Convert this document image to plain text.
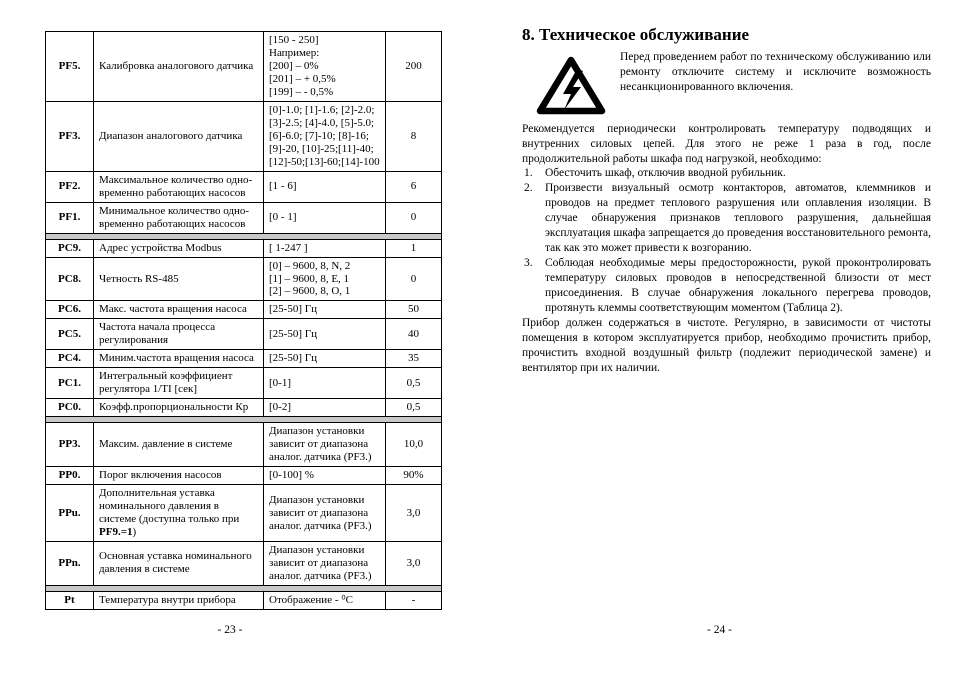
PF5.	Калибровка аналогового датчика	[150 - 250]
Например:
[200] – 0%
[201] – + 0,5%
[199] – - 0,5%	200
PF3.	Диапазон аналогового датчика	[0]-1.0; [1]-1.6; [2]-2.0;
[3]-2.5; [4]-4.0, [5]-5.0;
[6]-6.0; [7]-10; [8]-16;
[9]-20, [10]-25;[11]-40;
[12]-50;[13]-60;[14]-100	8
PF2.	Максимальное количество одно-
временно работающих насосов	[1 - 6]	6
PF1.	Минимальное количество одно-
временно работающих насосов	[0 - 1]	0

PC9.	Адрес устройства Modbus	[ 1-247 ]	1
PC8.	Четность RS-485	[0] – 9600, 8, N, 2
[1] – 9600, 8, E, 1
[2] – 9600, 8, O, 1	0
PC6.	Макс. частота вращения насоса	[25-50] Гц	50
PC5.	Частота начала процесса
регулирования	[25-50] Гц	40
PC4.	Миним.частота вращения насоса	[25-50] Гц	35
PC1.	Интегральный коэффициент
регулятора 1/TI [сек]	[0-1]	0,5
PC0.	Коэфф.пропорциональности Кр	[0-2]	0,5

PP3.	Максим. давление в системе	Диапазон установки
зависит от диапазона
аналог. датчика (PF3.)	10,0
PP0.	Порог включения насосов	[0-100] %	90%
PPu.	Дополнительная уставка
номинального давления в
системе (доступна только при
PF9.=1)	Диапазон установки
зависит от диапазона
аналог. датчика (PF3.)	3,0
PPn.	Основная уставка номинального
давления в системе	Диапазон установки
зависит от диапазона
аналог. датчика (PF3.)	3,0

Pt	Температура внутри прибора	Отображение - ⁰С	-
8. Техническое обслуживание
Перед проведением работ по техническому обслуживанию или ремонту отключите систему и исключите возможность несанкционированного включения.

Рекомендуется периодически контролировать температуру подводящих и внутренних силовых цепей. Для этого не реже 1 раза в год, после продолжительной работы шкафа под нагрузкой, необходимо:

1.	Обесточить шкаф, отключив вводной рубильник.
2.	Произвести визуальный осмотр контакторов, автоматов, клеммников и проводов на предмет теплового разрушения или оплавления изоляции. В случае обнаружения признаков теплового разрушения, дальнейшая эксплуатация шкафа запрещается до проведения восстановительного ремонта, так как это может привести к возгоранию.
3.	Соблюдая необходимые меры предосторожности, рукой проконтролировать температуру силовых проводов в непосредственной близости от мест присоединения. В случае обнаружения локального перегрева проводов, протянуть клеммы соответствующим моментом (Таблица 2).

Прибор должен содержаться в чистоте. Регулярно, в зависимости от чистоты помещения в котором эксплуатируется прибор, необходимо прочистить прибор, прочистить входной воздушный фильтр (подлежит периодической замене) и вентилятор при их наличии.

- 23 -	- 24 -
